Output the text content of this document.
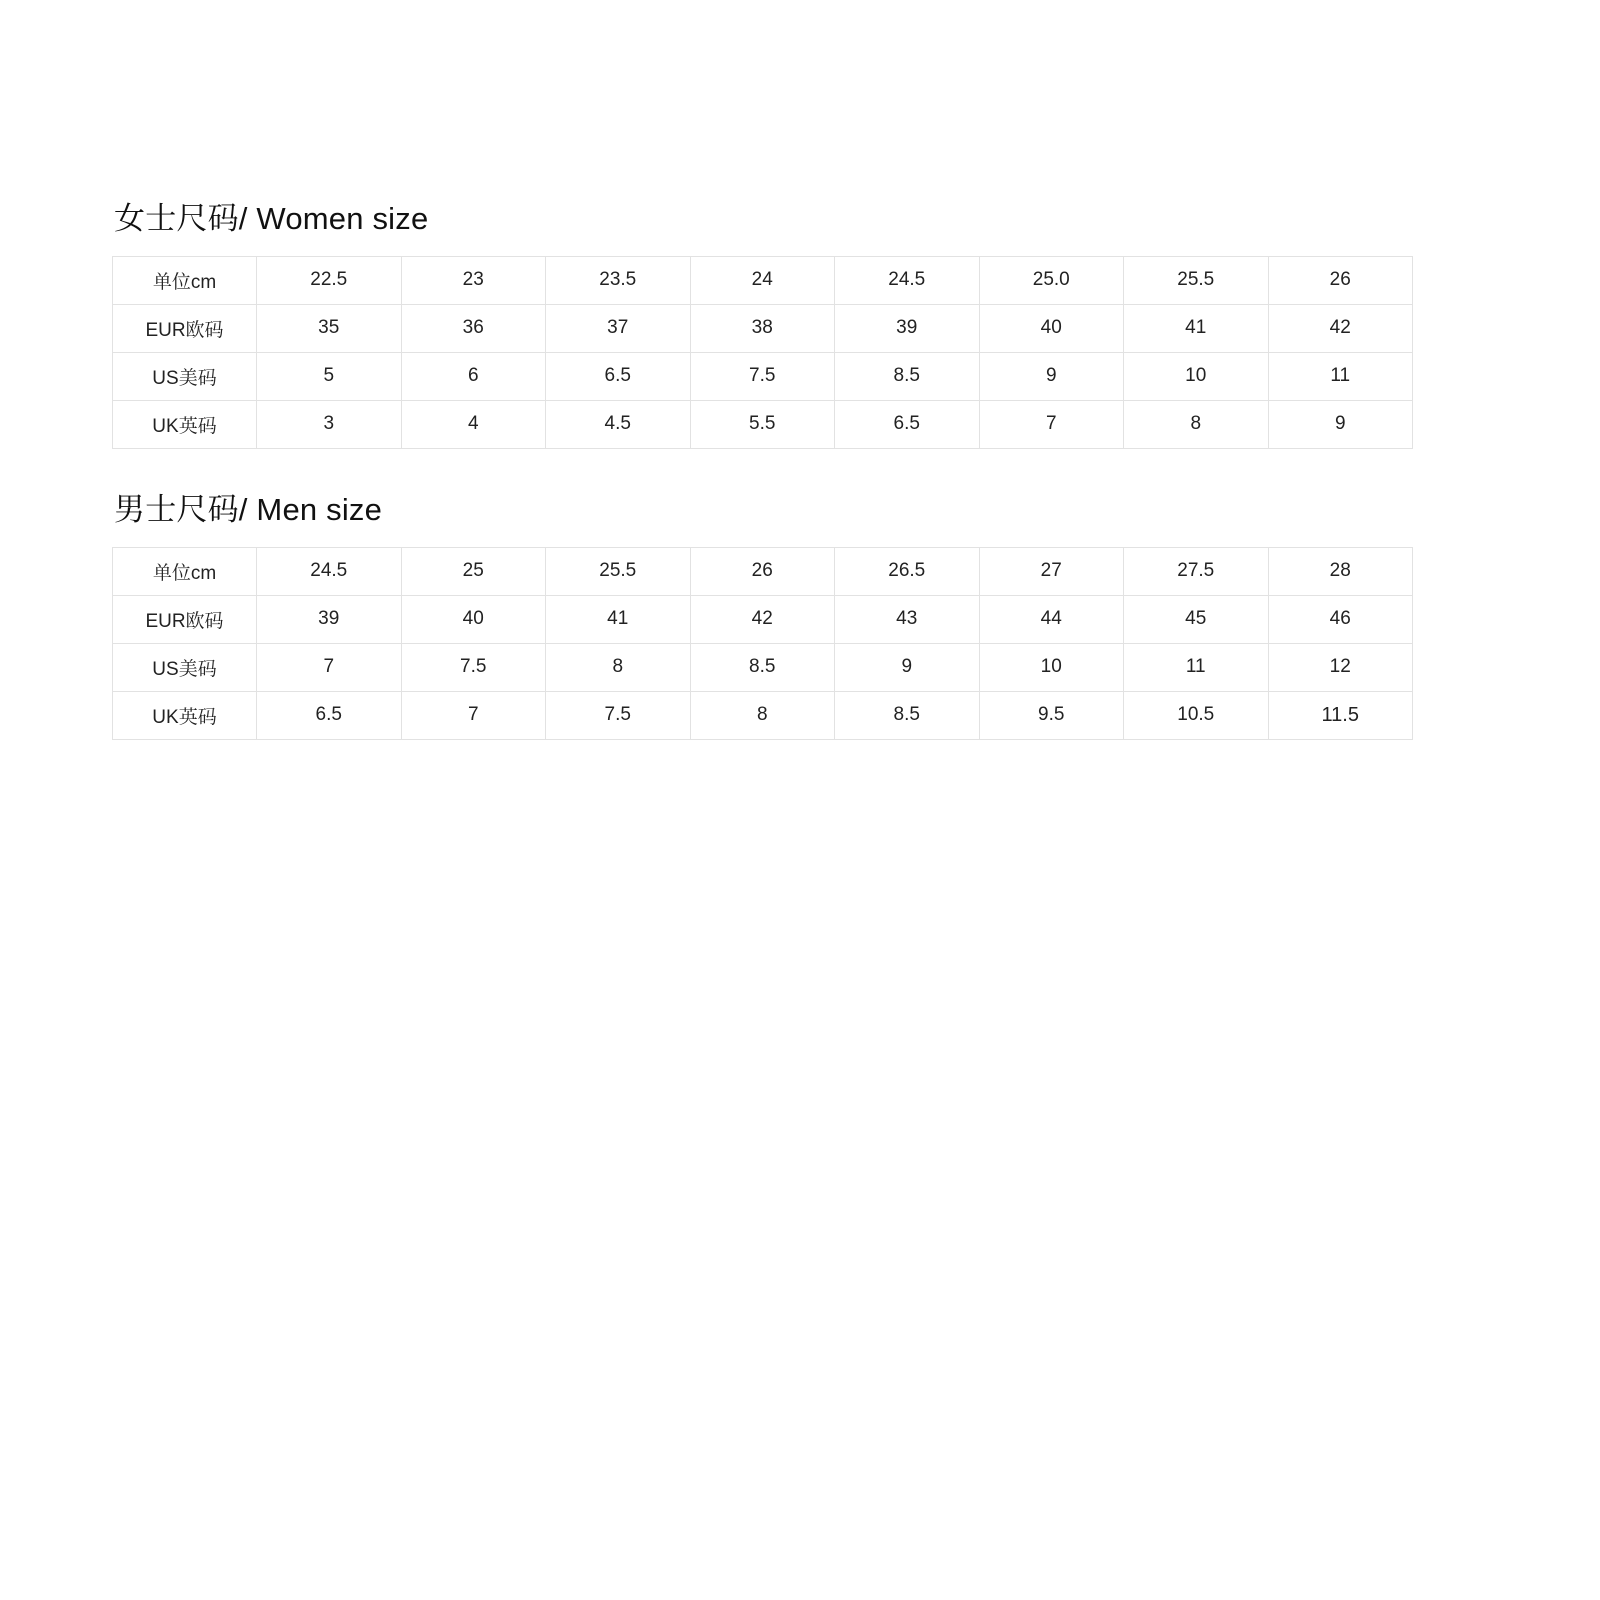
女士尺码/ Women size
单位cm	22.5	23	23.5	24	24.5	25.0	25.5	26
EUR欧码	35	36	37	38	39	40	41	42
US美码	5	6	6.5	7.5	8.5	9	10	11
UK英码	3	4	4.5	5.5	6.5	7	8	9
男士尺码/ Men size
单位cm	24.5	25	25.5	26	26.5	27	27.5	28
EUR欧码	39	40	41	42	43	44	45	46
US美码	7	7.5	8	8.5	9	10	11	12
UK英码	6.5	7	7.5	8	8.5	9.5	10.5	11.5
